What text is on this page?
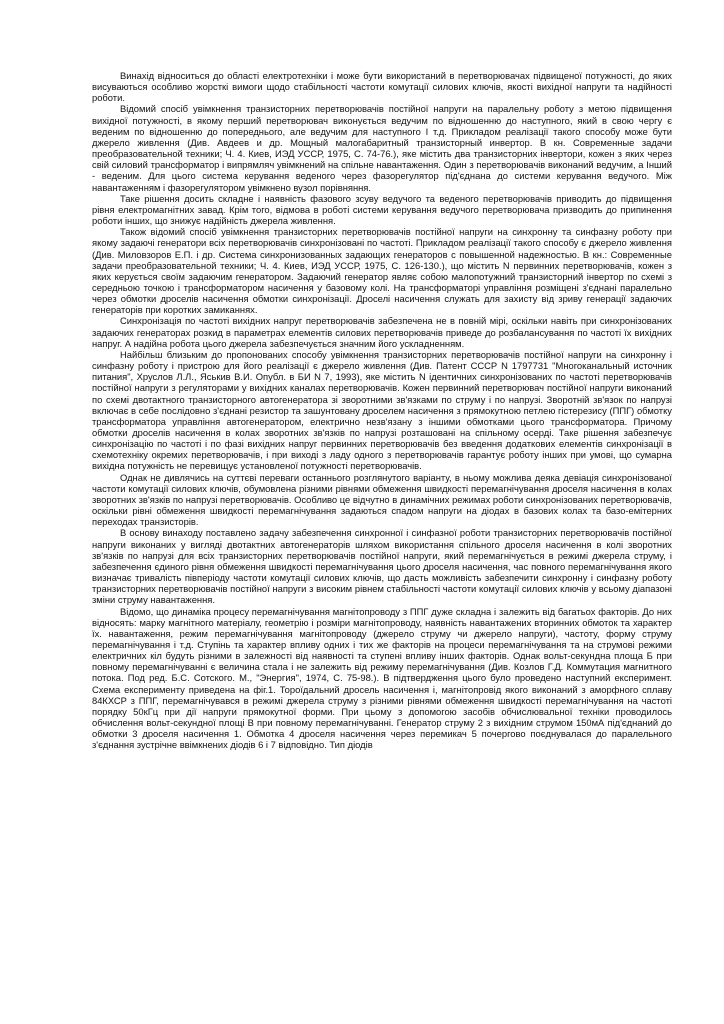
Винахід відноситься до області електротехніки і може бути використаний в перетворювачах підвищеної потужності, до яких висуваються особливо жорсткі вимоги щодо стабільності частоти комутації силових ключів, якості вихідної напруги та надійності роботи.

Відомий спосіб увімкнення транзисторних перетворювачів постійної напруги на паралельну роботу з метою підвищення вихідної потужності, в якому перший перетворювач виконується ведучим по відношенню до наступного, який в свою чергу є веденим по відношенню до попереднього, але ведучим для наступного І т.д. Прикладом реалізації такого способу може бути джерело живлення (Див. Авдеев и др. Мощный малогабаритный транзисторный инвертор. В кн. Современные задачи преобразовательной техники; Ч. 4. Киев, ИЭД УССР, 1975, С. 74-76.), яке містить два транзисторних інвертори, кожен з яких через свій силовий трансформатор і випрямляч увімкнений на спільне навантаження. Один з перетворювачів виконаний ведучим, а Інший - веденим. Для цього система керування веденого через фазорегулятор під'єднана до системи керування ведучого. Між навантаженням і фазорегулятором увімкнено вузол порівняння.

Таке рішення досить складне і наявність фазового зсуву ведучого та веденого перетворювачів приводить до підвищення рівня електромагнітних завад. Крім того, відмова в роботі системи керування ведучого перетворювача призводить до припинення роботи інших, що знижує надійність джерела живлення.

Також відомий спосіб увімкнення транзисторних перетворювачів постійної напруги на синхронну та синфазну роботу при якому задаючі генератори всіх перетворювачів синхронізовані по частоті. Прикладом реалізації такого способу є джерело живлення (Див. Миловзоров Е.П. і др. Система синхронизованных задающих генераторов с повышенной надежностью. В кн.: Современные задачи преобразовательной техники; Ч. 4. Киев, ИЭД УССР, 1975, С. 126-130.), що містить N первинних перетворювачів, кожен з яких керується своїм задаючим генератором. Задаючий генератор являє собою малопотужний транзисторний інвертор по схемі з середньою точкою і трансформатором насичення у базовому колі. На трансформаторі управління розміщені з'єднані паралельно через обмотки дроселів насичення обмотки синхронізації. Дроселі насичення служать для захисту від зриву генерації задаючих генераторів при коротких замиканнях.

Синхронізація по частоті вихідних напруг перетворювачів забезпечена не в повній мірі, оскільки навіть при синхронізованих задаючих генераторах розкид в параметрах елементів силових перетворювачів приведе до розбалансування по частоті їх вихідних напруг. А надійна робота цього джерела забезпечується значним його ускладненням.

Найбільш близьким до пропонованих способу увімкнення транзисторних перетворювачів постійної напруги на синхронну і синфазну роботу і пристрою для його реалізації є джерело живлення (Див. Патент СССР N 1797731 "Многоканальный источник питания", Хруслов Л.Л., Яськив В.И. Опубл. в БИ N 7, 1993), яке містить N ідентичних синхронізованих по частоті перетворювачів постійної напруги з регуляторами у вихідних каналах перетворювачів. Кожен первинний перетворювач постійної напруги виконаний по схемі двотактного транзисторного автогенератора зі зворотними зв'язками по струму і по напрузі. Зворотній зв'язок по напрузі включає в себе послідовно з'єднані резистор та зашунтовану дроселем насичення з прямокутною петлею гістерезису (ППГ) обмотку трансформатора управління автогенератором, електрично незв'язану з іншими обмотками цього трансформатора. Причому обмотки дроселів насичення в колах зворотних зв'язків по напрузі розташовані на спільному осерді. Таке рішення забезпечує синхронізацію по частоті і по фазі вихідних напруг первинних перетворювачів без введення додаткових елементів синхронізації в схемотехніку окремих перетворювачів, і при виході з ладу одного з перетворювачів гарантує роботу інших при умові, що сумарна вихідна потужність не перевищує установленої потужності перетворювачів.

Однак не дивлячись на суттєві переваги останнього розглянутого варіанту, в ньому можлива деяка девіація синхронізованої частоти комутації силових ключів, обумовлена різними рівнями обмеження швидкості перемагнічування дроселя насичення в колах зворотних зв'язків по напрузі перетворювачів. Особливо це відчутно в динамічних режимах роботи синхронізованих перетворювачів, оскільки рівні обмеження швидкості перемагнічування задаються спадом напруги на діодах в базових колах та базо-емітерних переходах транзисторів.

В основу винаходу поставлено задачу забезпечення синхронної і синфазної роботи транзисторних перетворювачів постійної напруги виконаних у вигляді двотактних автогенераторів шляхом використання спільного дроселя насичення в колі зворотних зв'язків по напрузі для всіх транзисторних перетворювачів постійної напруги, який перемагнічується в режимі джерела струму, і забезпечення єдиного рівня обмеження швидкості перемагнічування цього дроселя насичення, час повного перемагнічування якого визначає тривалість півперіоду частоти комутації силових ключів, що дасть можливість забезпечити синхронну і синфазну роботу транзисторних перетворювачів постійної напруги з високим рівнем стабільності частоти комутації силових ключів у всьому діапазоні зміни струму навантаження.

Відомо, що динаміка процесу перемагнічування магнітопроводу з ППГ дуже складна і залежить від багатьох факторів. До них відносять: марку магнітного матеріалу, геометрію і розміри магнітопроводу, наявність навантажених вторинних обмоток та характер їх. навантаження, режим перемагнічування магнітопроводу (джерело струму чи джерело напруги), частоту, форму струму перемагнічування і т.д. Ступінь та характер впливу одних і тих же факторів на процеси перемагнічування та на струмові режими електричних кіл будуть різними в залежності від наявності та ступені впливу інших факторів. Однак вольт-секундна площа Б при повному перемагнічуванні є величина стала і не залежить від режиму перемагнічування (Див. Козлов Г.Д. Коммутация магнитного потока. Под ред. Б.С. Сотского. М., "Энергия", 1974, С. 75-98.). В підтвердження цього було проведено наступний експеримент. Схема експерименту приведена на фіг.1. Тороїдальний дросель насичення і, магнітопровід якого виконаний з аморфного сплаву 84КХСР з ППГ, перемагнічувався в режимі джерела струму з різними рівнями обмеження швидкості перемагнічування на частоті порядку 50кГц при дії напруги прямокутної форми. При цьому з допомогою засобів обчислювальної техніки проводилось обчислення вольт-секундної площі В при повному перемагнічуванні. Генератор струму 2 з вихідним струмом 150мА під'єднаний до обмотки 3 дроселя насичення 1. Обмотка 4 дроселя насичення через перемикач 5 почергово поєднувалася до паралельного з'єднання зустрічне ввімкнених діодів 6 і 7 відповідно. Тип діодів
